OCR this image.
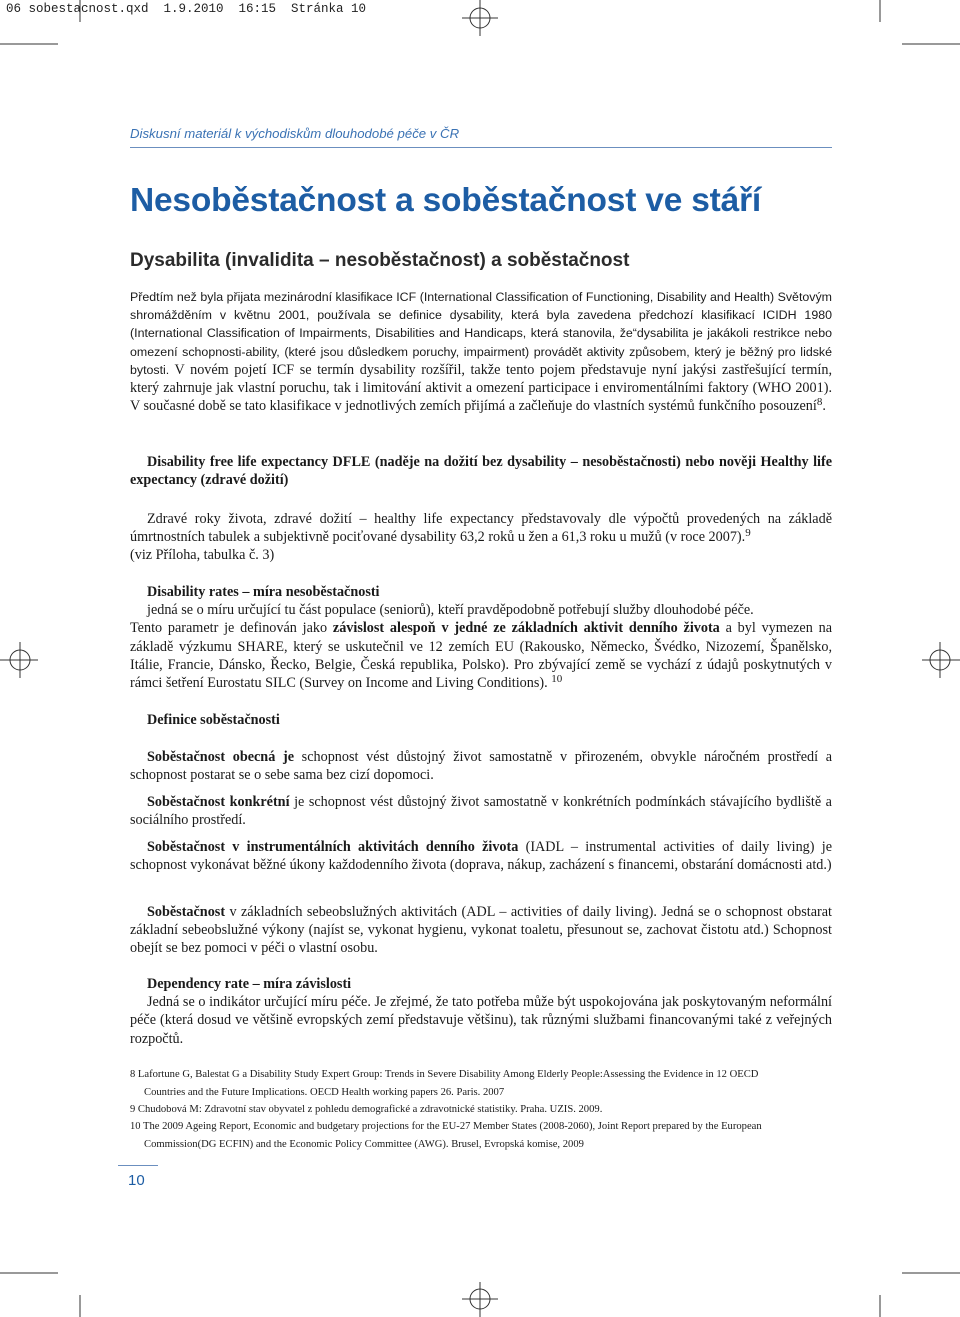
06 sobestacnost.qxd  1.9.2010  16:15  Stránka 10
Diskusní materiál k východiskům dlouhodobé péče v ČR
Nesoběstačnost a soběstačnost ve stáří
Dysabilita (invalidita – nesoběstačnost) a soběstačnost

Předtím než byla přijata mezinárodní klasifikace ICF (International Classification of Functioning, Disability and Health) Světovým shromážděním v květnu 2001, používala se definice dysability, která byla zavedena předchozí klasifikací ICIDH 1980 (International Classification of Impairments, Disabilities and Handicaps, která stanovila, že“dysabilita je jakákoli restrikce nebo omezení schopnosti-ability, (které jsou důsledkem poruchy, impairment) provádět aktivity způsobem, který je běžný pro lidské bytosti. V novém pojetí ICF se termín dysability rozšířil, takže tento pojem představuje nyní jakýsi zastřešující termín, který zahrnuje jak vlastní poruchu, tak i limitování aktivit a omezení participace i enviromentálními faktory (WHO 2001). V současné době se tato klasifikace v jednotlivých zemích přijímá a začleňuje do vlastních systémů funkčního posouzení$^8$.

Disability free life expectancy DFLE (naděje na dožití bez dysability – nesoběstačnosti) nebo nověji Healthy life expectancy (zdravé dožití)

Zdravé roky života, zdravé dožití – healthy life expectancy představovaly dle výpočtů provedených na základě úmrtnostních tabulek a subjektivně pociťované dysability 63,2 roků u žen a 61,3 roku u mužů (v roce 2007).$^9$
(viz Příloha, tabulka č. 3)

Disability rates – míra nesoběstačnosti

jedná se o míru určující tu část populace (seniorů), kteří pravděpodobně potřebují služby dlouhodobé péče.

Tento parametr je definován jako závislost alespoň v jedné ze základních aktivit denního života a byl vymezen na základě výzkumu SHARE, který se uskutečnil ve 12 zemích EU (Rakousko, Německo, Švédko, Nizozemí, Španělsko, Itálie, Francie, Dánsko, Řecko, Belgie, Česká republika, Polsko). Pro zbývající země se vychází z údajů poskytnutých v rámci šetření Eurostatu SILC (Survey on Income and Living Conditions). $^{10}$

Definice soběstačnosti

Soběstačnost obecná je schopnost vést důstojný život samostatně v přirozeném, obvykle náročném prostředí a schopnost postarat se o sebe sama bez cizí dopomoci.

Soběstačnost konkrétní je schopnost vést důstojný život samostatně v konkrétních podmínkách stávajícího bydliště a sociálního prostředí.

Soběstačnost v instrumentálních aktivitách denního života (IADL – instrumental activities of daily living) je schopnost vykonávat běžné úkony každodenního života (doprava, nákup, zacházení s financemi, obstarání domácnosti atd.)

Soběstačnost v základních sebeobslužných aktivitách (ADL – activities of daily living). Jedná se o schopnost obstarat základní sebeobslužné výkony (najíst se, vykonat hygienu, vykonat toaletu, přesunout se, zachovat čistotu atd.) Schopnost obejít se bez pomoci v péči o vlastní osobu.

Dependency rate – míra závislosti

Jedná se o indikátor určující míru péče. Je zřejmé, že tato potřeba může být uspokojována jak poskytovaným neformální péče (která dosud ve většině evropských zemí představuje většinu), tak různými službami financovanými také z veřejných rozpočtů.

8 Lafortune G, Balestat G a Disability Study Expert Group: Trends in Severe Disability Among Elderly People:Assessing the Evidence in 12 OECD
Countries and the Future Implications. OECD Health working papers 26. Paris. 2007
9 Chudobová M: Zdravotní stav obyvatel z pohledu demografické a zdravotnické statistiky. Praha. UZIS. 2009.
10 The 2009 Ageing Report, Economic and budgetary projections for the EU-27 Member States (2008-2060), Joint Report prepared by the European
Commission(DG ECFIN) and the Economic Policy Committee (AWG). Brusel, Evropská komise, 2009
10
